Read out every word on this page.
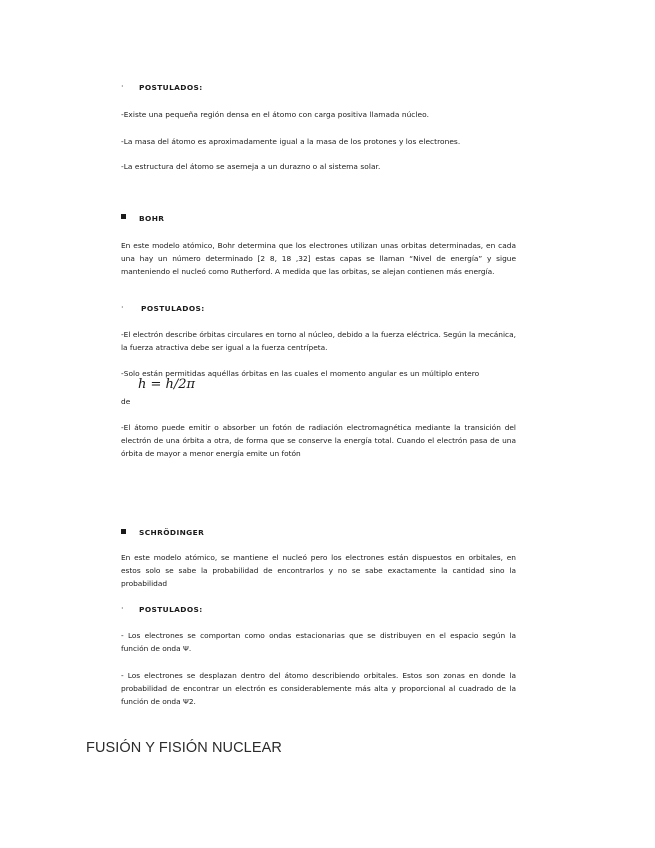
· POSTULADOS:
-Existe una pequeña región densa en el átomo con carga positiva llamada núcleo.
-La masa del átomo es aproximadamente igual a la masa de los protones y los electrones.
-La estructura del átomo se asemeja a un durazno o al sistema solar.
BOHR
En este modelo atómico, Bohr determina que los electrones utilizan unas orbitas determinadas, en cada una hay un número determinado [2 8, 18 ,32] estas capas se llaman “Nivel de energía” y sigue manteniendo el nucleó como Rutherford. A medida que las orbitas, se alejan contienen más energía.
· POSTULADOS:
-El electrón describe órbitas circulares en torno al núcleo, debido a la fuerza eléctrica. Según la mecánica, la fuerza atractiva debe ser igual a la fuerza centrípeta.
-Solo están permitidas aquéllas órbitas en las cuales el momento angular es un múltiplo entero
h = h/2π
de
-El átomo puede emitir o absorber un fotón de radiación electromagnética mediante la transición del electrón de una órbita a otra, de forma que se conserve la energía total. Cuando el electrón pasa de una órbita de mayor a menor energía emite un fotón
SCHRÖDINGER
En este modelo atómico, se mantiene el nucleó pero los electrones están dispuestos en orbitales, en estos solo se sabe la probabilidad de encontrarlos y no se sabe exactamente la cantidad sino la probabilidad
· POSTULADOS:
- Los electrones se comportan como ondas estacionarias que se distribuyen en el espacio según la función de onda Ψ.
- Los electrones se desplazan dentro del átomo describiendo orbitales. Estos son zonas en donde la probabilidad de encontrar un electrón es considerablemente más alta y proporcional al cuadrado de la función de onda Ψ2.
FUSIÓN Y FISIÓN NUCLEAR
